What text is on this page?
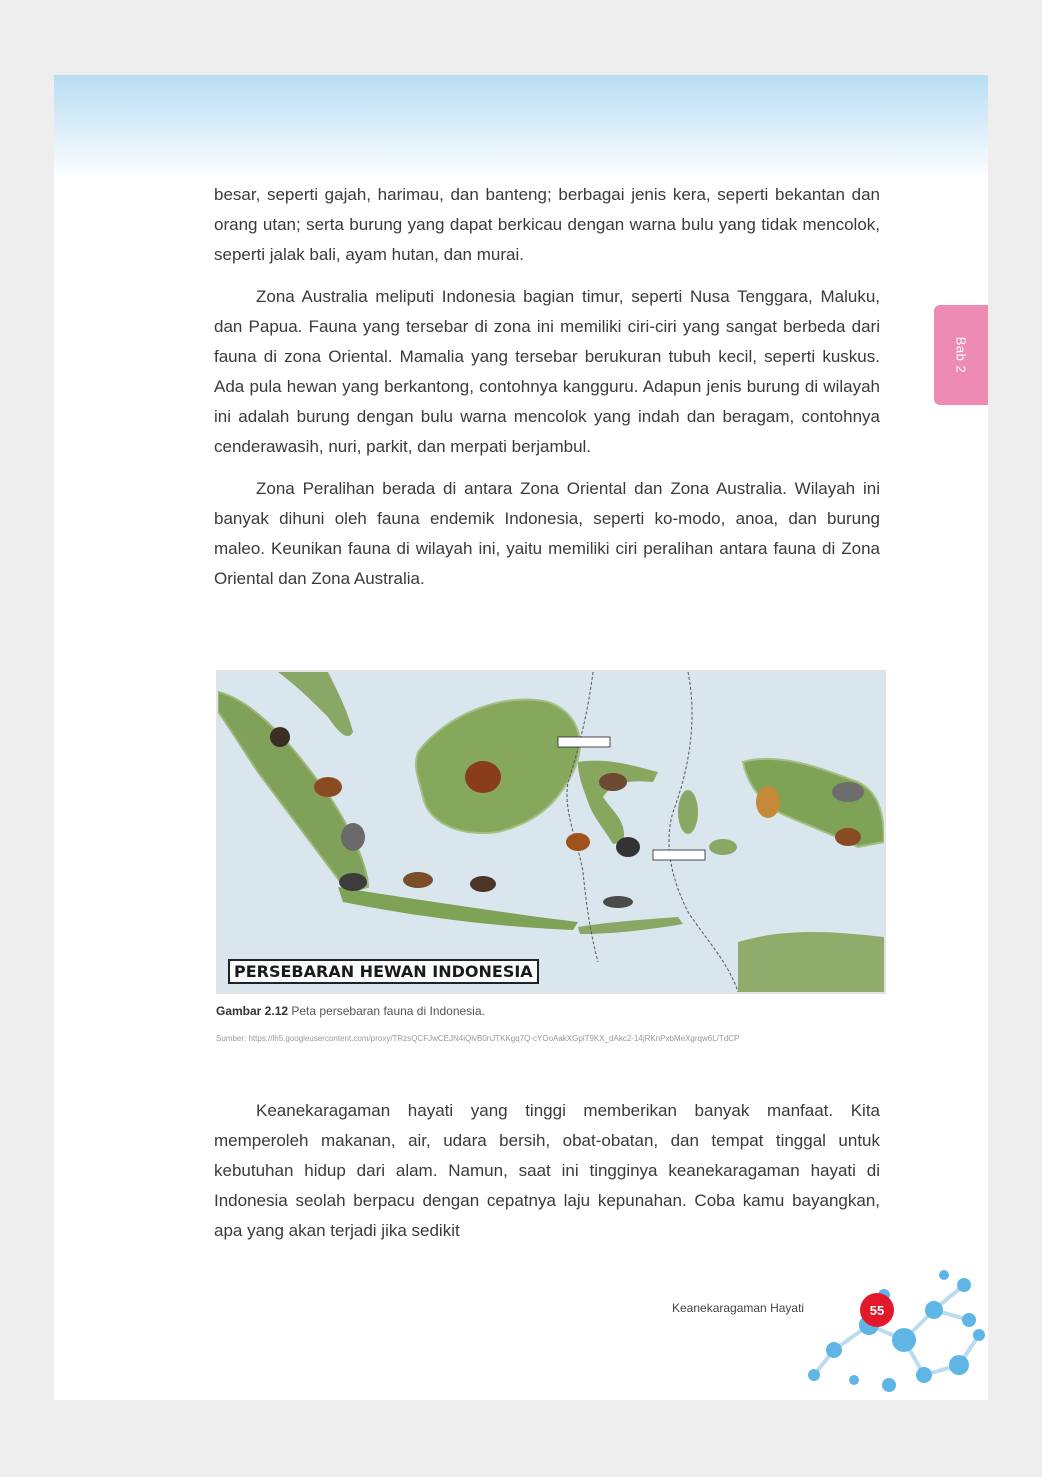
Bab 2

besar, seperti gajah, harimau, dan banteng; berbagai jenis kera, seperti bekantan dan orang utan; serta burung yang dapat berkicau dengan warna bulu yang tidak mencolok, seperti jalak bali, ayam hutan, dan murai.

Zona Australia meliputi Indonesia bagian timur, seperti Nusa Tenggara, Maluku, dan Papua. Fauna yang tersebar di zona ini memiliki ciri-ciri yang sangat berbeda dari fauna di zona Oriental. Mamalia yang tersebar berukuran tubuh kecil, seperti kuskus. Ada pula hewan yang berkantong, contohnya kangguru. Adapun jenis burung di wilayah ini adalah burung dengan bulu warna mencolok yang indah dan beragam, contohnya cenderawasih, nuri, parkit, dan merpati berjambul.

Zona Peralihan berada di antara Zona Oriental dan Zona Australia. Wilayah ini banyak dihuni oleh fauna endemik Indonesia, seperti ko-modo, anoa, dan burung maleo. Keunikan fauna di wilayah ini, yaitu memiliki ciri peralihan antara fauna di Zona Oriental dan Zona Australia.

PERSEBARAN HEWAN INDONESIA
Gambar 2.12 Peta persebaran fauna di Indonesia.
Sumber: https://lh5.googleusercontent.com/proxy/TRzsQCFJwCEJN4iQlvB0nJTKKgq7Q-cYOoAakXGplT9KX_dAkc2-14jRKnPxbMeXgrqw6L/TdCP

Keanekaragaman hayati yang tinggi memberikan banyak manfaat. Kita memperoleh makanan, air, udara bersih, obat-obatan, dan tempat tinggal untuk kebutuhan hidup dari alam. Namun, saat ini tingginya keanekaragaman hayati di Indonesia seolah berpacu dengan cepatnya laju kepunahan. Coba kamu bayangkan, apa yang akan terjadi jika sedikit

Keanekaragaman Hayati	55
